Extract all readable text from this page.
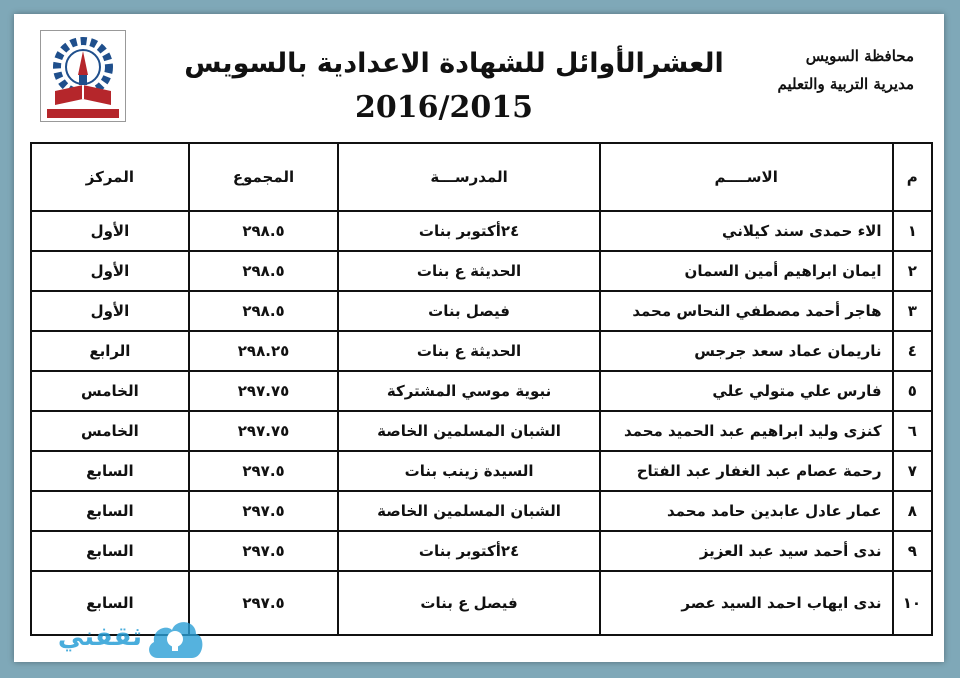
محافظة السويس
مديرية التربية والتعليم
العشرالأوائل للشهادة الاعدادية بالسويس
2016/2015
م	الاســــم	المدرســـة	المجموع	المركز
١	الاء حمدى سند كيلاني	٢٤أكتوبر بنات	٢٩٨.٥	الأول
٢	ايمان ابراهيم أمين السمان	الحديثة ع بنات	٢٩٨.٥	الأول
٣	هاجر أحمد مصطفي النحاس محمد	فيصل بنات	٢٩٨.٥	الأول
٤	ناريمان عماد سعد جرجس	الحديثة ع بنات	٢٩٨.٢٥	الرابع
٥	فارس علي متولي علي	نبوية موسي المشتركة	٢٩٧.٧٥	الخامس
٦	كنزى وليد ابراهيم عبد الحميد محمد	الشبان المسلمين الخاصة	٢٩٧.٧٥	الخامس
٧	رحمة عصام عبد الغفار عبد الفتاح	السيدة زينب بنات	٢٩٧.٥	السابع
٨	عمار عادل عابدين حامد محمد	الشبان المسلمين الخاصة	٢٩٧.٥	السابع
٩	ندى أحمد سيد عبد العزيز	٢٤أكتوبر بنات	٢٩٧.٥	السابع
١٠	ندى ايهاب احمد السيد عصر	فيصل ع بنات	٢٩٧.٥	السابع
ثقفني
